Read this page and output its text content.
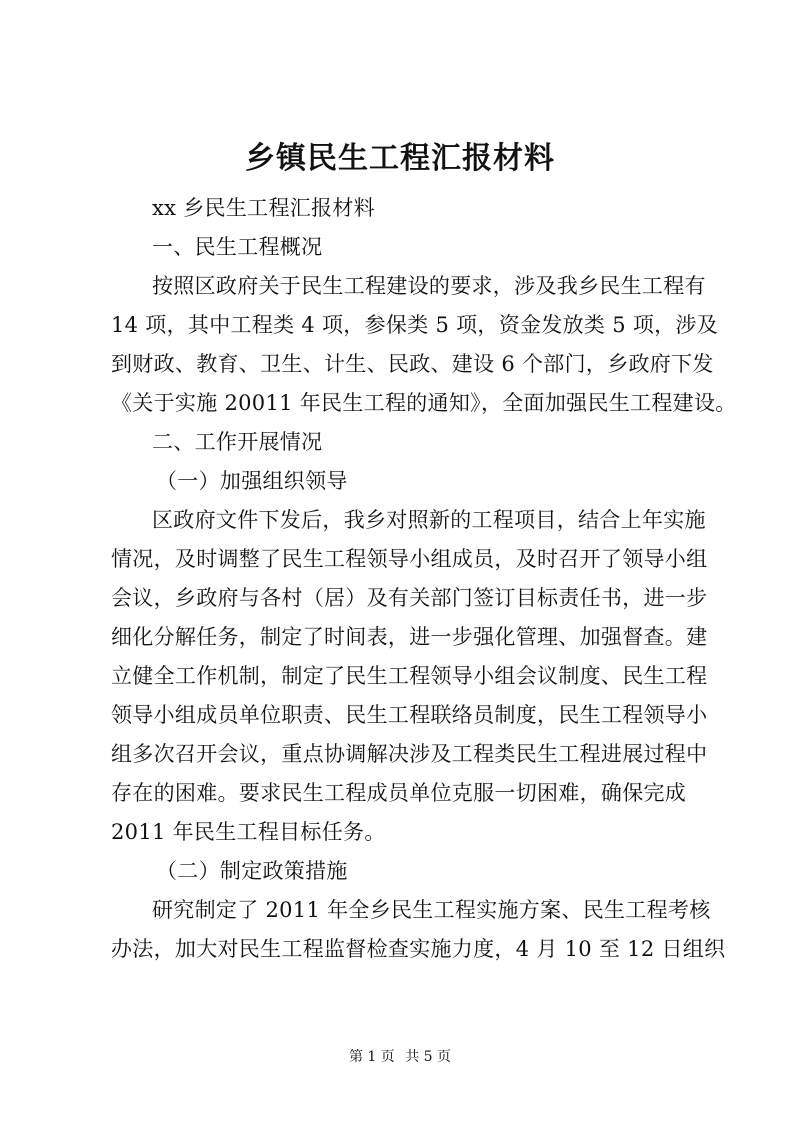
乡镇民生工程汇报材料
xx 乡民生工程汇报材料
一、民生工程概况
按照区政府关于民生工程建设的要求，涉及我乡民生工程有
14 项，其中工程类 4 项，参保类 5 项，资金发放类 5 项，涉及
到财政、教育、卫生、计生、民政、建设 6 个部门，乡政府下发
《关于实施 20011 年民生工程的通知》，全面加强民生工程建设。
二、工作开展情况
（一）加强组织领导
区政府文件下发后，我乡对照新的工程项目，结合上年实施
情况，及时调整了民生工程领导小组成员，及时召开了领导小组
会议，乡政府与各村（居）及有关部门签订目标责任书，进一步
细化分解任务，制定了时间表，进一步强化管理、加强督查。建
立健全工作机制，制定了民生工程领导小组会议制度、民生工程
领导小组成员单位职责、民生工程联络员制度，民生工程领导小
组多次召开会议，重点协调解决涉及工程类民生工程进展过程中
存在的困难。要求民生工程成员单位克服一切困难，确保完成
2011 年民生工程目标任务。
（二）制定政策措施
研究制定了 2011 年全乡民生工程实施方案、民生工程考核
办法，加大对民生工程监督检查实施力度，4 月 10 至 12 日组织
第 1 页 共 5 页
